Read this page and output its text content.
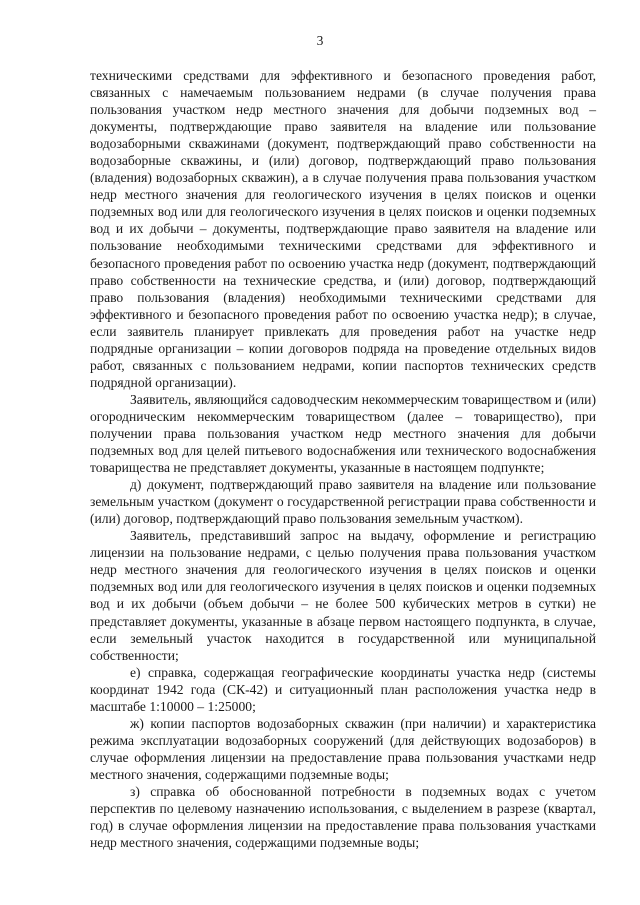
3

техническими средствами для эффективного и безопасного проведения работ, связанных с намечаемым пользованием недрами (в случае получения права пользования участком недр местного значения для добычи подземных вод – документы, подтверждающие право заявителя на владение или пользование водозаборными скважинами (документ, подтверждающий право собственности на водозаборные скважины, и (или) договор, подтверждающий право пользования (владения) водозаборных скважин), а в случае получения права пользования участком недр местного значения для геологического изучения в целях поисков и оценки подземных вод или для геологического изучения в целях поисков и оценки подземных вод и их добычи – документы, подтверждающие право заявителя на владение или пользование необходимыми техническими средствами для эффективного и безопасного проведения работ по освоению участка недр (документ, подтверждающий право собственности на технические средства, и (или) договор, подтверждающий право пользования (владения) необходимыми техническими средствами для эффективного и безопасного проведения работ по освоению участка недр); в случае, если заявитель планирует привлекать для проведения работ на участке недр подрядные организации – копии договоров подряда на проведение отдельных видов работ, связанных с пользованием недрами, копии паспортов технических средств подрядной организации).

Заявитель, являющийся садоводческим некоммерческим товариществом и (или) огородническим некоммерческим товариществом (далее – товарищество), при получении права пользования участком недр местного значения для добычи подземных вод для целей питьевого водоснабжения или технического водоснабжения товарищества не представляет документы, указанные в настоящем подпункте;

д) документ, подтверждающий право заявителя на владение или пользование земельным участком (документ о государственной регистрации права собственности и (или) договор, подтверждающий право пользования земельным участком).

Заявитель, представивший запрос на выдачу, оформление и регистрацию лицензии на пользование недрами, с целью получения права пользования участком недр местного значения для геологического изучения в целях поисков и оценки подземных вод или для геологического изучения в целях поисков и оценки подземных вод и их добычи (объем добычи – не более 500 кубических метров в сутки) не представляет документы, указанные в абзаце первом настоящего подпункта, в случае, если земельный участок находится в государственной или муниципальной собственности;

е) справка, содержащая географические координаты участка недр (системы координат 1942 года (СК-42) и ситуационный план расположения участка недр в масштабе 1:10000 – 1:25000;

ж) копии паспортов водозаборных скважин (при наличии) и характеристика режима эксплуатации водозаборных сооружений (для действующих водозаборов) в случае оформления лицензии на предоставление права пользования участками недр местного значения, содержащими подземные воды;

з) справка об обоснованной потребности в подземных водах с учетом перспектив по целевому назначению использования, с выделением в разрезе (квартал, год) в случае оформления лицензии на предоставление права пользования участками недр местного значения, содержащими подземные воды;
